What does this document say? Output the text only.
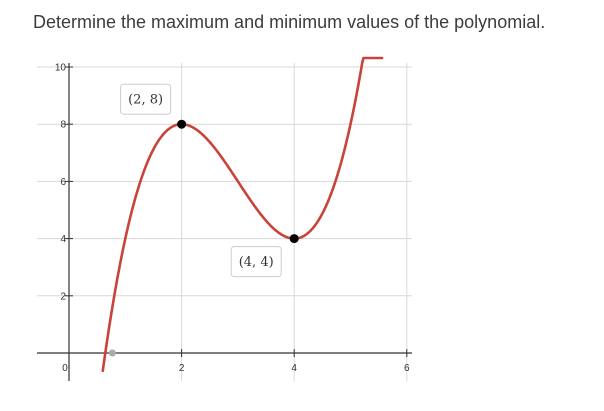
Determine the maximum and minimum values of the polynomial.
2
4
6
8
10
0	2	4	6
(2, 8)
(4, 4)
